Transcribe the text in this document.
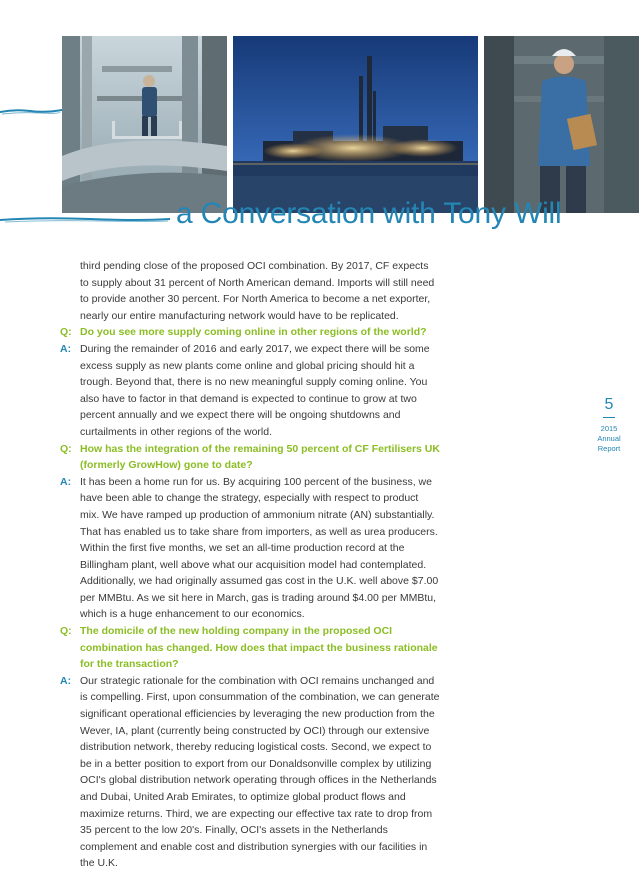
a Conversation with Tony Will

third pending close of the proposed OCI combination. By 2017, CF expects to supply about 31 percent of North American demand. Imports will still need to provide another 30 percent. For North America to become a net exporter, nearly our entire manufacturing network would have to be replicated.

Q: Do you see more supply coming online in other regions of the world?

A: During the remainder of 2016 and early 2017, we expect there will be some excess supply as new plants come online and global pricing should hit a trough. Beyond that, there is no new meaningful supply coming online. You also have to factor in that demand is expected to continue to grow at two percent annually and we expect there will be ongoing shutdowns and curtailments in other regions of the world.

Q: How has the integration of the remaining 50 percent of CF Fertilisers UK (formerly GrowHow) gone to date?

A: It has been a home run for us. By acquiring 100 percent of the business, we have been able to change the strategy, especially with respect to product mix. We have ramped up production of ammonium nitrate (AN) substantially. That has enabled us to take share from importers, as well as urea producers. Within the first five months, we set an all-time production record at the Billingham plant, well above what our acquisition model had contemplated. Additionally, we had originally assumed gas cost in the U.K. well above $7.00 per MMBtu. As we sit here in March, gas is trading around $4.00 per MMBtu, which is a huge enhancement to our economics.

Q: The domicile of the new holding company in the proposed OCI combination has changed. How does that impact the business rationale for the transaction?

A: Our strategic rationale for the combination with OCI remains unchanged and is compelling. First, upon consummation of the combination, we can generate significant operational efficiencies by leveraging the new production from the Wever, IA, plant (currently being constructed by OCI) through our extensive distribution network, thereby reducing logistical costs. Second, we expect to be in a better position to export from our Donaldsonville complex by utilizing OCI's global distribution network operating through offices in the Netherlands and Dubai, United Arab Emirates, to optimize global product flows and maximize returns. Third, we are expecting our effective tax rate to drop from 35 percent to the low 20's. Finally, OCI's assets in the Netherlands complement and enable cost and distribution synergies with our facilities in the U.K.

5
2015
Annual Report
